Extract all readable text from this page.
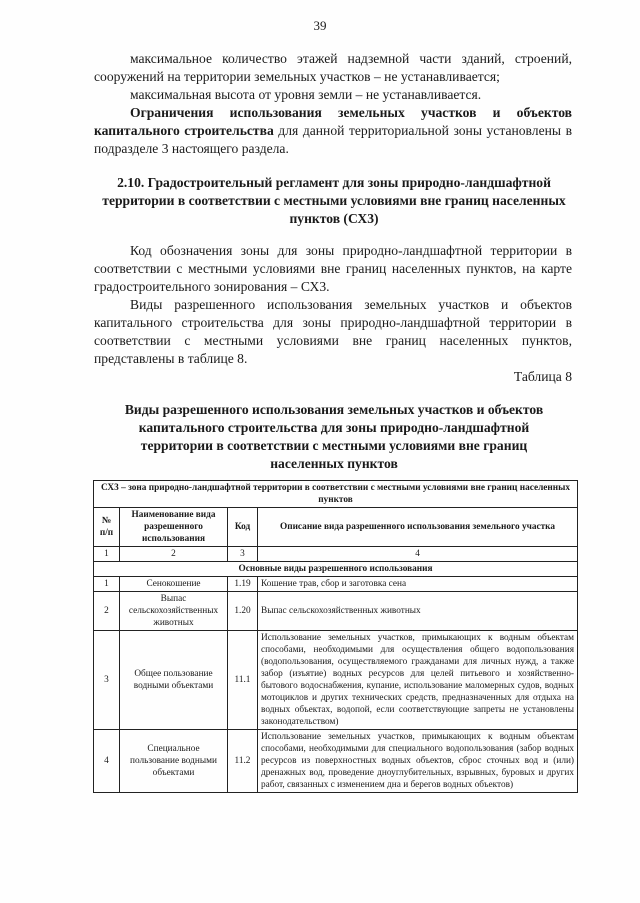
39
максимальное количество этажей надземной части зданий, строений, сооружений на территории земельных участков – не устанавливается;
максимальная высота от уровня земли – не устанавливается.
Ограничения использования земельных участков и объектов капитального строительства для данной территориальной зоны установлены в подразделе 3 настоящего раздела.
2.10. Градостроительный регламент для зоны природно-ландшафтной территории в соответствии с местными условиями вне границ населенных пунктов (СХ3)
Код обозначения зоны для зоны природно-ландшафтной территории в соответствии с местными условиями вне границ населенных пунктов, на карте градостроительного зонирования – СХ3.
Виды разрешенного использования земельных участков и объектов капитального строительства для зоны природно-ландшафтной территории в соответствии с местными условиями вне границ населенных пунктов, представлены в таблице 8.
Таблица 8
Виды разрешенного использования земельных участков и объектов капитального строительства для зоны природно-ландшафтной территории в соответствии с местными условиями вне границ населенных пунктов
СХ3 – зона природно-ландшафтной территории в соответствии с местными условиями вне границ населенных пунктов			
№ п/п	Наименование вида разрешенного использования	Код	Описание вида разрешенного использования земельного участка
1	2	3	4
Основные виды разрешенного использования			
1	Сенокошение	1.19	Кошение трав, сбор и заготовка сена
2	Выпас сельскохозяйственных животных	1.20	Выпас сельскохозяйственных животных
3	Общее пользование водными объектами	11.1	Использование земельных участков, примыкающих к водным объектам способами, необходимыми для осуществления общего водопользования (водопользования, осуществляемого гражданами для личных нужд, а также забор (изъятие) водных ресурсов для целей питьевого и хозяйственно-бытового водоснабжения, купание, использование маломерных судов, водных мотоциклов и других технических средств, предназначенных для отдыха на водных объектах, водопой, если соответствующие запреты не установлены законодательством)
4	Специальное пользование водными объектами	11.2	Использование земельных участков, примыкающих к водным объектам способами, необходимыми для специального водопользования (забор водных ресурсов из поверхностных водных объектов, сброс сточных вод и (или) дренажных вод, проведение дноуглубительных, взрывных, буровых и других работ, связанных с изменением дна и берегов водных объектов)
